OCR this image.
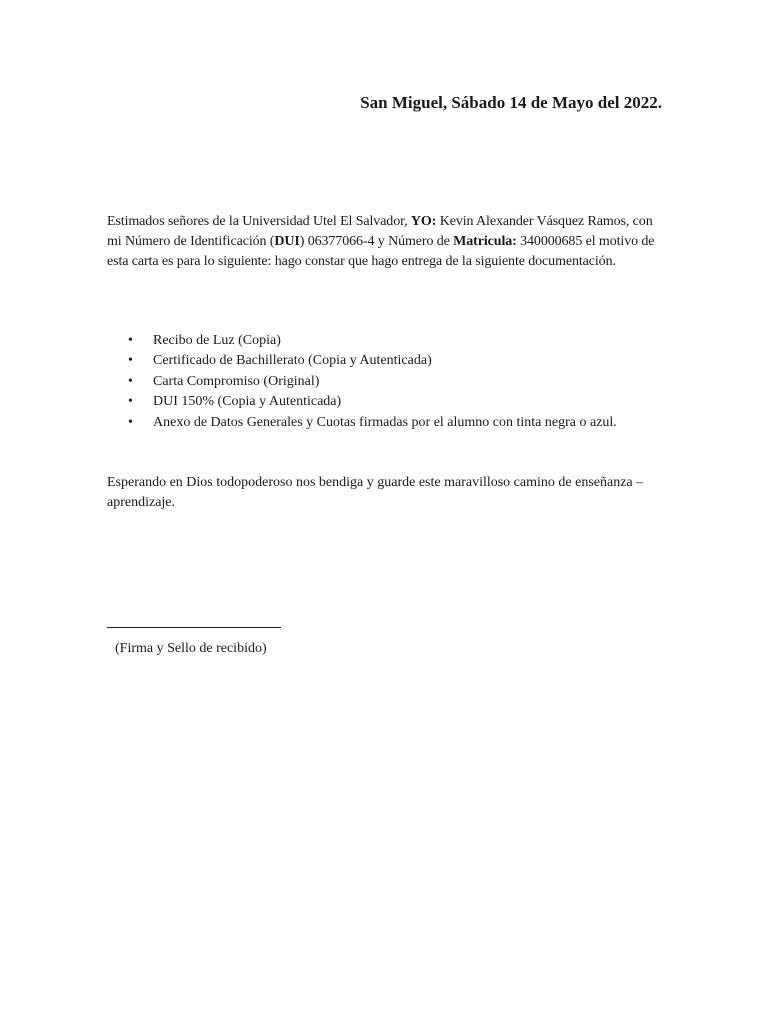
San Miguel, Sábado 14 de Mayo del 2022.
Estimados señores de la Universidad Utel El Salvador, YO: Kevin Alexander Vásquez Ramos, con mi Número de Identificación (DUI) 06377066-4 y Número de Matricula: 340000685 el motivo de esta carta es para lo siguiente: hago constar que hago entrega de la siguiente documentación.
• Recibo de Luz (Copia)
• Certificado de Bachillerato (Copia y Autenticada)
• Carta Compromiso (Original)
• DUI 150% (Copia y Autenticada)
• Anexo de Datos Generales y Cuotas firmadas por el alumno con tinta negra o azul.
Esperando en Dios todopoderoso nos bendiga y guarde este maravilloso camino de enseñanza – aprendizaje.
(Firma y Sello de recibido)
